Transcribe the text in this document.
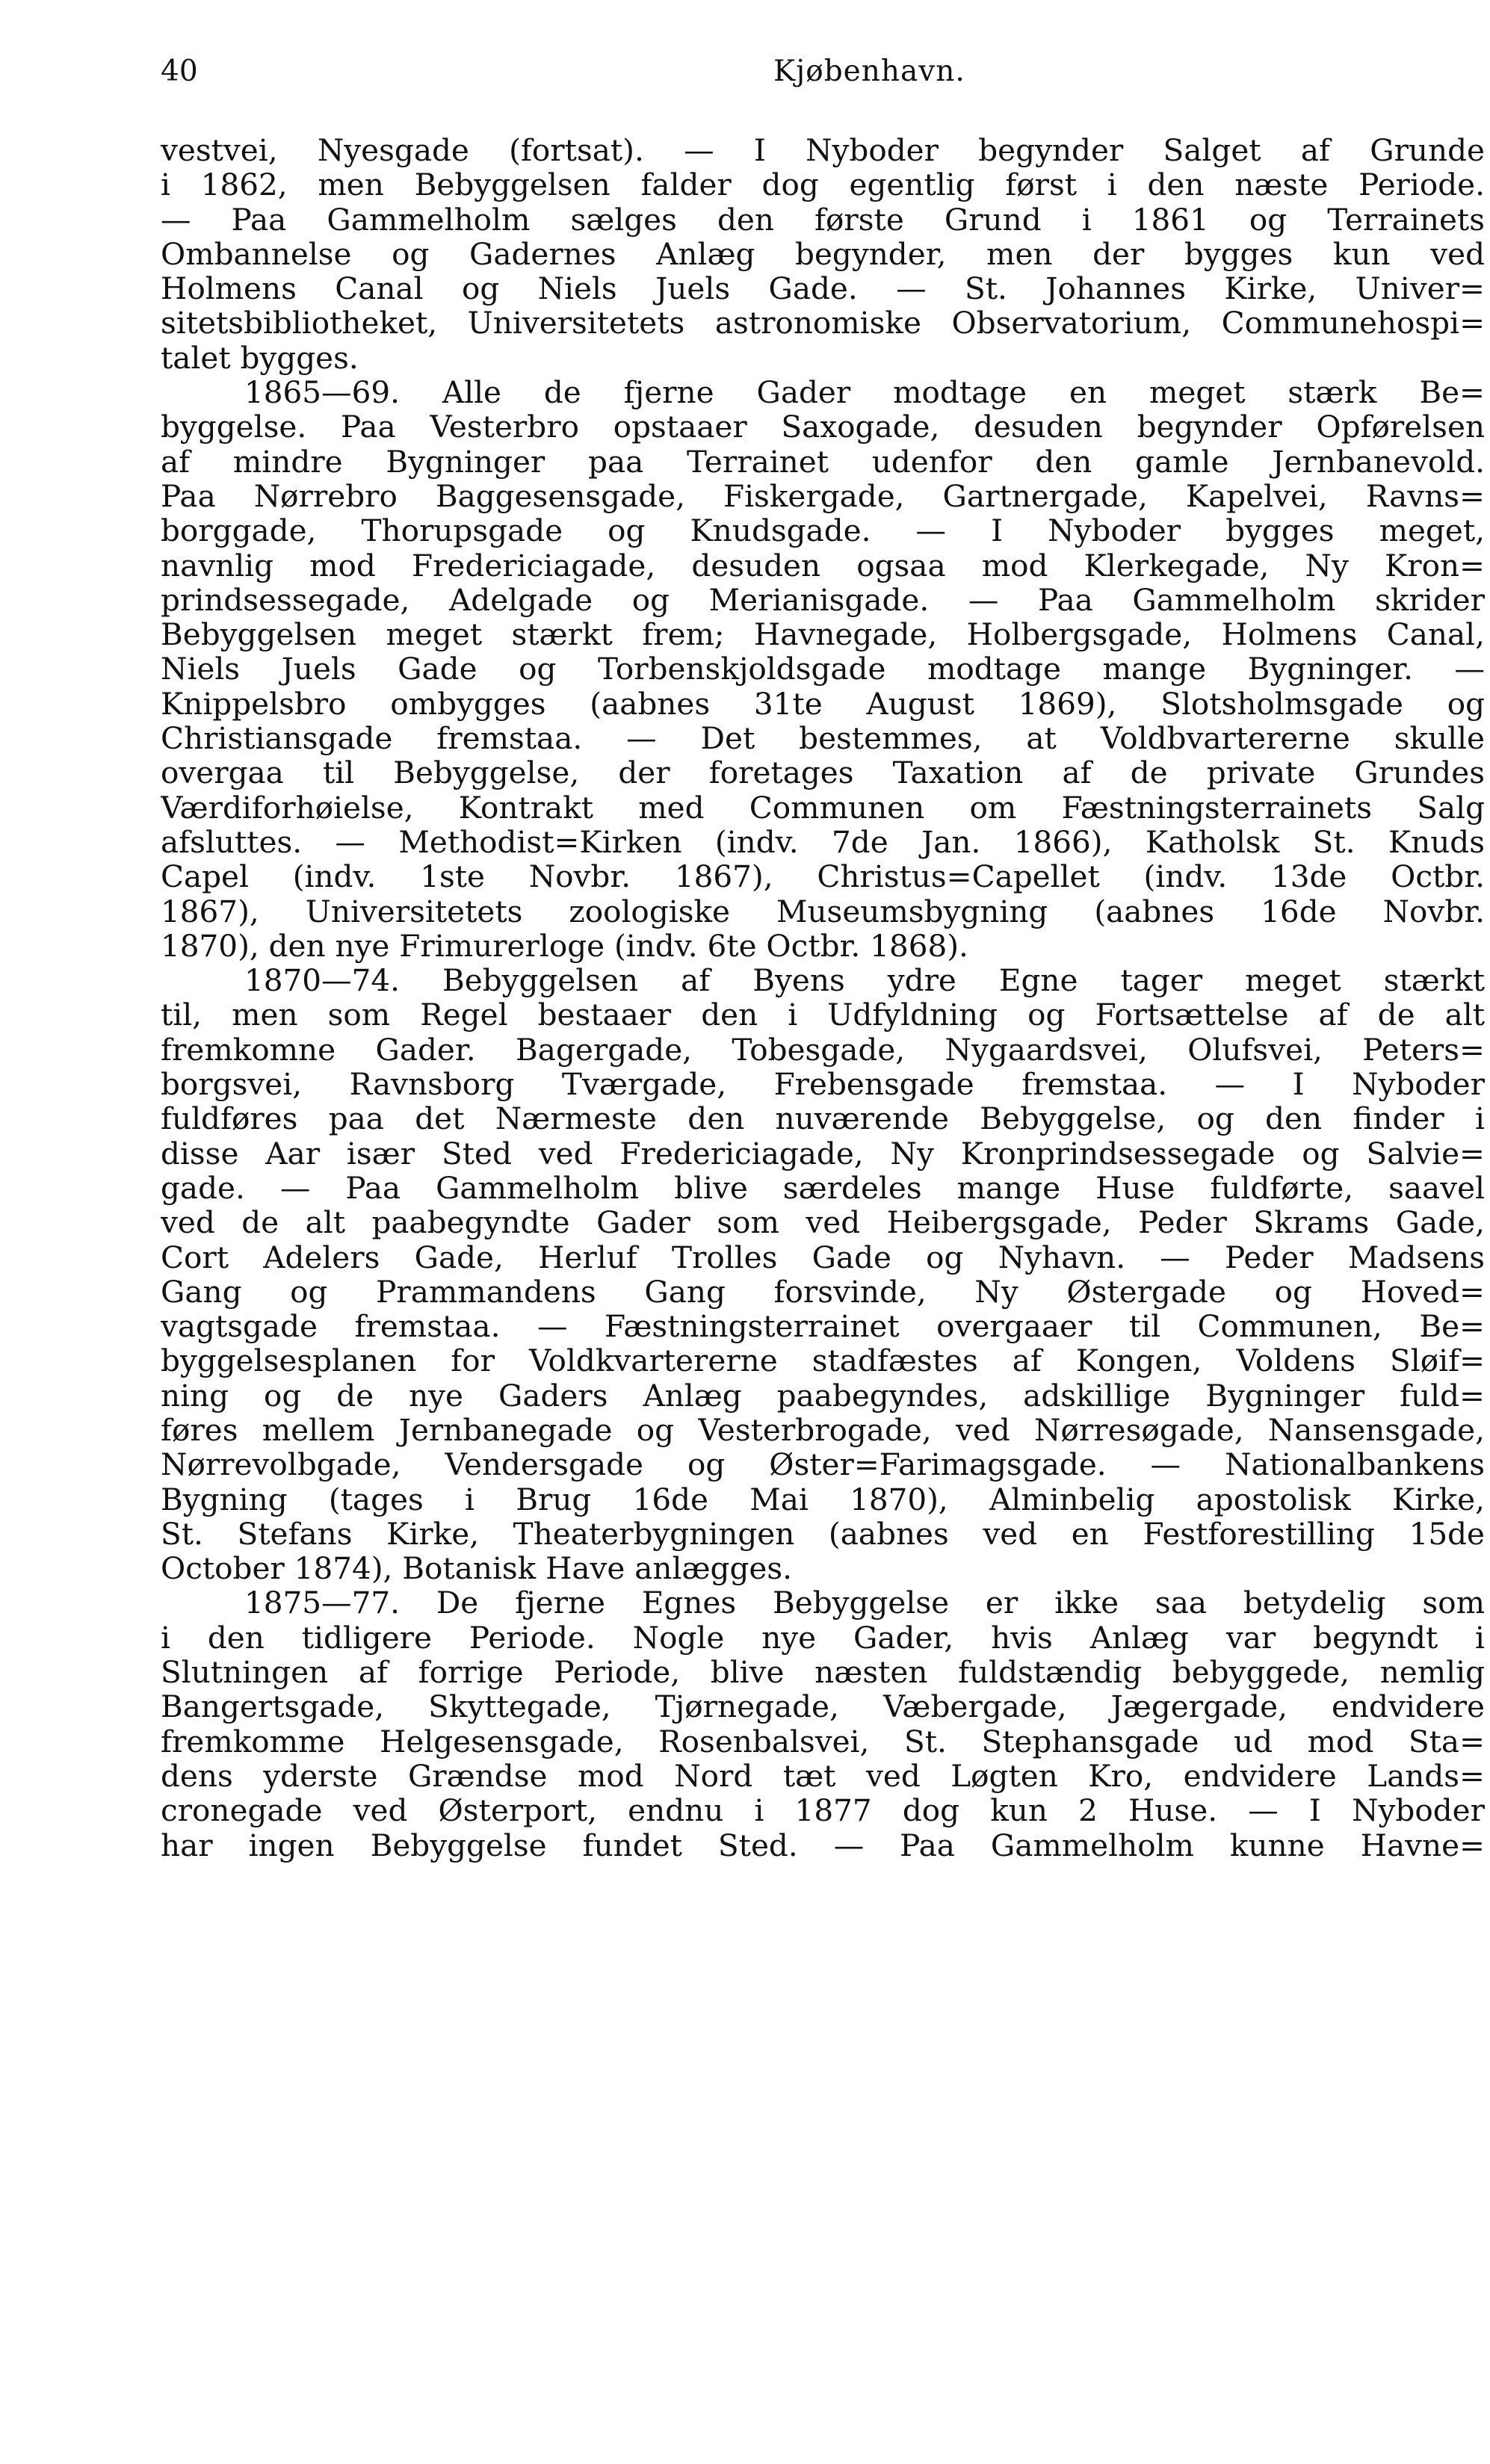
40	Kjøbenhavn.
vestvei, Nyesgade (fortsat). — I Nyboder begynder Salget af Grunde
i 1862, men Bebyggelsen falder dog egentlig først i den næste Periode.
— Paa Gammelholm sælges den første Grund i 1861 og Terrainets
Ombannelse og Gadernes Anlæg begynder, men der bygges kun ved
Holmens Canal og Niels Juels Gade. — St. Johannes Kirke, Univer=
sitetsbibliotheket, Universitetets astronomiske Observatorium, Communehospi=
talet bygges.
1865—69. Alle de fjerne Gader modtage en meget stærk Be=
byggelse. Paa Vesterbro opstaaer Saxogade, desuden begynder Opførelsen
af mindre Bygninger paa Terrainet udenfor den gamle Jernbanevold.
Paa Nørrebro Baggesensgade, Fiskergade, Gartnergade, Kapelvei, Ravns=
borggade, Thorupsgade og Knudsgade. — I Nyboder bygges meget,
navnlig mod Fredericiagade, desuden ogsaa mod Klerkegade, Ny Kron=
prindsessegade, Adelgade og Merianisgade. — Paa Gammelholm skrider
Bebyggelsen meget stærkt frem; Havnegade, Holbergsgade, Holmens Canal,
Niels Juels Gade og Torbenskjoldsgade modtage mange Bygninger. —
Knippelsbro ombygges (aabnes 31te August 1869), Slotsholmsgade og
Christiansgade fremstaa. — Det bestemmes, at Voldbvartererne skulle
overgaa til Bebyggelse, der foretages Taxation af de private Grundes
Værdiforhøielse, Kontrakt med Communen om Fæstningsterrainets Salg
afsluttes. — Methodist=Kirken (indv. 7de Jan. 1866), Katholsk St. Knuds
Capel (indv. 1ste Novbr. 1867), Christus=Capellet (indv. 13de Octbr.
1867), Universitetets zoologiske Museumsbygning (aabnes 16de Novbr.
1870), den nye Frimurerloge (indv. 6te Octbr. 1868).
1870—74. Bebyggelsen af Byens ydre Egne tager meget stærkt
til, men som Regel bestaaer den i Udfyldning og Fortsættelse af de alt
fremkomne Gader. Bagergade, Tobesgade, Nygaardsvei, Olufsvei, Peters=
borgsvei, Ravnsborg Tværgade, Frebensgade fremstaa. — I Nyboder
fuldføres paa det Nærmeste den nuværende Bebyggelse, og den finder i
disse Aar især Sted ved Fredericiagade, Ny Kronprindsessegade og Salvie=
gade. — Paa Gammelholm blive særdeles mange Huse fuldførte, saavel
ved de alt paabegyndte Gader som ved Heibergsgade, Peder Skrams Gade,
Cort Adelers Gade, Herluf Trolles Gade og Nyhavn. — Peder Madsens
Gang og Prammandens Gang forsvinde, Ny Østergade og Hoved=
vagtsgade fremstaa. — Fæstningsterrainet overgaaer til Communen, Be=
byggelsesplanen for Voldkvartererne stadfæstes af Kongen, Voldens Sløif=
ning og de nye Gaders Anlæg paabegyndes, adskillige Bygninger fuld=
føres mellem Jernbanegade og Vesterbrogade, ved Nørresøgade, Nansensgade,
Nørrevolbgade, Vendersgade og Øster=Farimagsgade. — Nationalbankens
Bygning (tages i Brug 16de Mai 1870), Alminbelig apostolisk Kirke,
St. Stefans Kirke, Theaterbygningen (aabnes ved en Festforestilling 15de
October 1874), Botanisk Have anlægges.
1875—77. De fjerne Egnes Bebyggelse er ikke saa betydelig som
i den tidligere Periode. Nogle nye Gader, hvis Anlæg var begyndt i
Slutningen af forrige Periode, blive næsten fuldstændig bebyggede, nemlig
Bangertsgade, Skyttegade, Tjørnegade, Væbergade, Jægergade, endvidere
fremkomme Helgesensgade, Rosenbalsvei, St. Stephansgade ud mod Sta=
dens yderste Grændse mod Nord tæt ved Løgten Kro, endvidere Lands=
cronegade ved Østerport, endnu i 1877 dog kun 2 Huse. — I Nyboder
har ingen Bebyggelse fundet Sted. — Paa Gammelholm kunne Havne=
